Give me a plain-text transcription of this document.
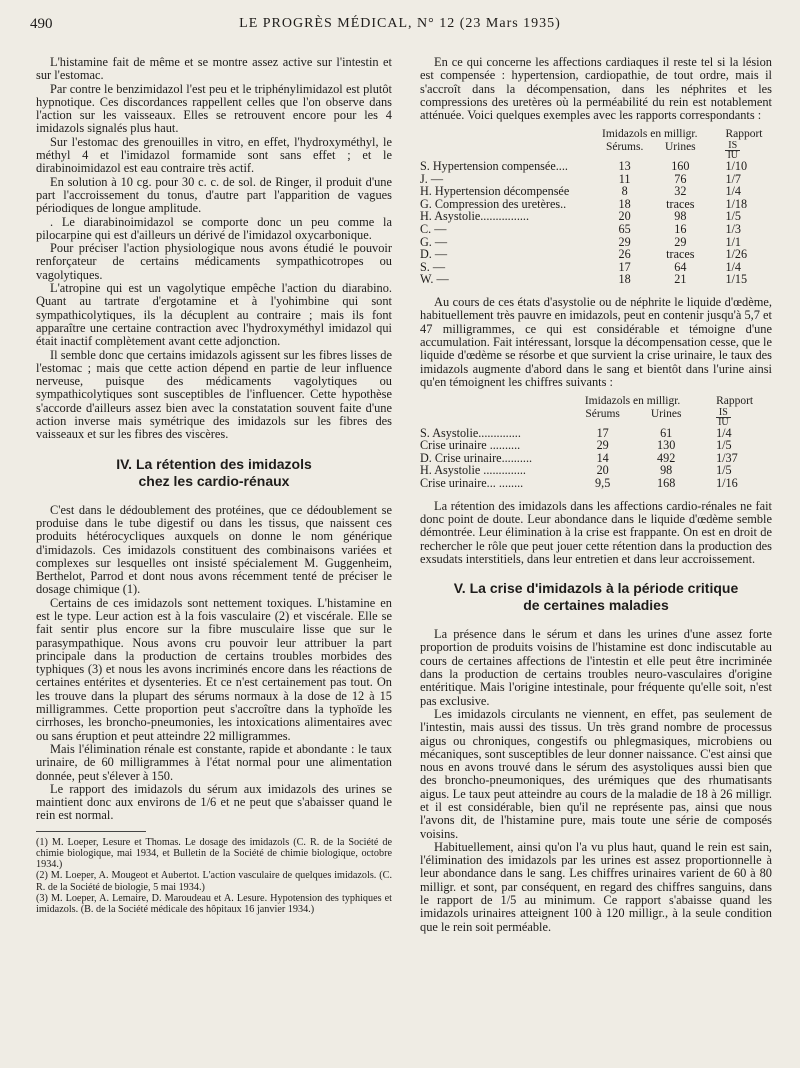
490	LE PROGRÈS MÉDICAL, N° 12 (23 Mars 1935)

L'histamine fait de même et se montre assez active sur l'intestin et sur l'estomac.

Par contre le benzimidazol l'est peu et le triphénylimidazol est plutôt hypnotique. Ces discordances rappellent celles que l'on observe dans l'action sur les vaisseaux. Elles se retrouvent encore pour les 4 imidazols signalés plus haut.

Sur l'estomac des grenouilles in vitro, en effet, l'hydroxyméthyl, le méthyl 4 et l'imidazol formamide sont sans effet ; et le dirabinoimidazol est eau contraire très actif.

En solution à 10 cg. pour 30 c. c. de sol. de Ringer, il produit d'une part l'accroissement du tonus, d'autre part l'apparition de vagues périodiques de longue amplitude.

. Le diarabinoimidazol se comporte donc un peu comme la pilocarpine qui est d'ailleurs un dérivé de l'imidazol oxycarbonique.

Pour préciser l'action physiologique nous avons étudié le pouvoir renforçateur de certains médicaments sympathicotropes ou vagolytiques.

L'atropine qui est un vagolytique empêche l'action du diarabino. Quant au tartrate d'ergotamine et à l'yohimbine qui sont sympathicolytiques, ils la décuplent au contraire ; mais ils font apparaître une certaine contraction avec l'hydroxyméthyl imidazol qui était inactif complètement avant cette adjonction.

Il semble donc que certains imidazols agissent sur les fibres lisses de l'estomac ; mais que cette action dépend en partie de leur influence nerveuse, puisque des médicaments vagolytiques ou sympathicolytiques sont susceptibles de l'influencer. Cette hypothèse s'accorde d'ailleurs assez bien avec la constatation souvent faite d'une action inverse mais symétrique des imidazols sur les fibres des vaisseaux et sur les fibres des viscères.

IV. La rétention des imidazols
chez les cardio-rénaux

C'est dans le dédoublement des protéines, que ce dédoublement se produise dans le tube digestif ou dans les tissus, que naissent ces produits hétérocycliques auxquels on donne le nom générique d'imidazols. Ces imidazols constituent des combinaisons variées et complexes sur lesquelles ont insisté spécialement M. Guggenheim, Berthelot, Parrod et dont nous avons récemment tenté de préciser le dosage chimique (1).

Certains de ces imidazols sont nettement toxiques. L'histamine en est le type. Leur action est à la fois vasculaire (2) et viscérale. Elle se fait sentir plus encore sur la fibre musculaire lisse que sur le parasympathique. Nous avons cru pouvoir leur attribuer la part principale dans la production de certains troubles morbides des typhiques (3) et nous les avons incriminés encore dans les réactions de certaines entérites et dysenteries. Et ce n'est certainement pas tout. On les trouve dans la plupart des sérums normaux à la dose de 12 à 15 milligrammes. Cette proportion peut s'accroître dans la typhoïde les cirrhoses, les broncho-pneumonies, les intoxications alimentaires avec ou sans éruption et peut atteindre 22 milligrammes.

Mais l'élimination rénale est constante, rapide et abondante : le taux urinaire, de 60 milligrammes à l'état normal pour une alimentation donnée, peut s'élever à 150.

Le rapport des imidazols du sérum aux imidazols des urines se maintient donc aux environs de 1/6 et ne peut que s'abaisser quand le rein est normal.

(1) M. Loeper, Lesure et Thomas. Le dosage des imidazols (C. R. de la Société de chimie biologique, mai 1934, et Bulletin de la Société de chimie biologique, octobre 1934.)

(2) M. Loeper, A. Mougeot et Aubertot. L'action vasculaire de quelques imidazols. (C. R. de la Société de biologie, 5 mai 1934.)

(3) M. Loeper, A. Lemaire, D. Maroudeau et A. Lesure. Hypotension des typhiques et imidazols. (B. de la Société médicale des hôpitaux 16 janvier 1934.)

En ce qui concerne les affections cardiaques il reste tel si la lésion est compensée : hypertension, cardiopathie, de tout ordre, mais il s'accroît dans la décompensation, dans les néphrites et les compressions des uretères où la perméabilité du rein est notablement atténuée. Voici quelques exemples avec les rapports correspondants :

	Imidazols en milligr.		Rapport
	Sérums.	Urines	$\frac{IS}{IU}$

S. Hypertension compensée....	13	160	1/10
J. —	11	76	1/7
H. Hypertension décompensée	8	32	1/4
G. Compression des uretères..	18	traces	1/18
H. Asystolie................	20	98	1/5
C. —	65	16	1/3
G. —	29	29	1/1
D. —	26	traces	1/26
S. —	17	64	1/4
W. —	18	21	1/15

Au cours de ces états d'asystolie ou de néphrite le liquide d'œdème, habituellement très pauvre en imidazols, peut en contenir jusqu'à 5,7 et 47 milligrammes, ce qui est considérable et témoigne d'une accumulation. Fait intéressant, lorsque la décompensation cesse, que le liquide d'œdème se résorbe et que survient la crise urinaire, le taux des imidazols augmente d'abord dans le sang et bientôt dans l'urine ainsi qu'en témoignent les chiffres suivants :

	Imidazols en milligr.		Rapport
	Sérums	Urines	$\frac{IS}{IU}$

S. Asystolie..............	17	61	1/4
Crise urinaire ..........	29	130	1/5
D. Crise urinaire..........	14	492	1/37
H. Asystolie ..............	20	98	1/5
Crise urinaire... ........	9,5	168	1/16

La rétention des imidazols dans les affections cardio-rénales ne fait donc point de doute. Leur abondance dans le liquide d'œdème semble démontrée. Leur élimination à la crise est frappante. On est en droit de rechercher le rôle que peut jouer cette rétention dans la production des exsudats interstitiels, dans leur entretien et dans leur accroissement.

V. La crise d'imidazols à la période critique
de certaines maladies

La présence dans le sérum et dans les urines d'une assez forte proportion de produits voisins de l'histamine est donc indiscutable au cours de certaines affections de l'intestin et elle peut être incriminée dans la production de certains troubles neuro-vasculaires d'origine entéritique. Mais l'origine intestinale, pour fréquente qu'elle soit, n'est pas exclusive.

Les imidazols circulants ne viennent, en effet, pas seulement de l'intestin, mais aussi des tissus. Un très grand nombre de processus aigus ou chroniques, congestifs ou phlegmasiques, microbiens ou mécaniques, sont susceptibles de leur donner naissance. C'est ainsi que nous en avons trouvé dans le sérum des asystoliques aussi bien que des broncho-pneumoniques, des urémiques que des rhumatisants aigus. Le taux peut atteindre au cours de la maladie de 18 à 26 milligr. et il est considérable, bien qu'il ne représente pas, ainsi que nous l'avons dit, de l'histamine pure, mais toute une série de composés voisins.

Habituellement, ainsi qu'on l'a vu plus haut, quand le rein est sain, l'élimination des imidazols par les urines est assez proportionnelle à leur abondance dans le sang. Les chiffres urinaires varient de 60 à 80 milligr. et sont, par conséquent, en regard des chiffres sanguins, dans le rapport de 1/5 au minimum. Ce rapport s'abaisse quand les imidazols urinaires atteignent 100 à 120 milligr., à la seule condition que le rein soit perméable.
